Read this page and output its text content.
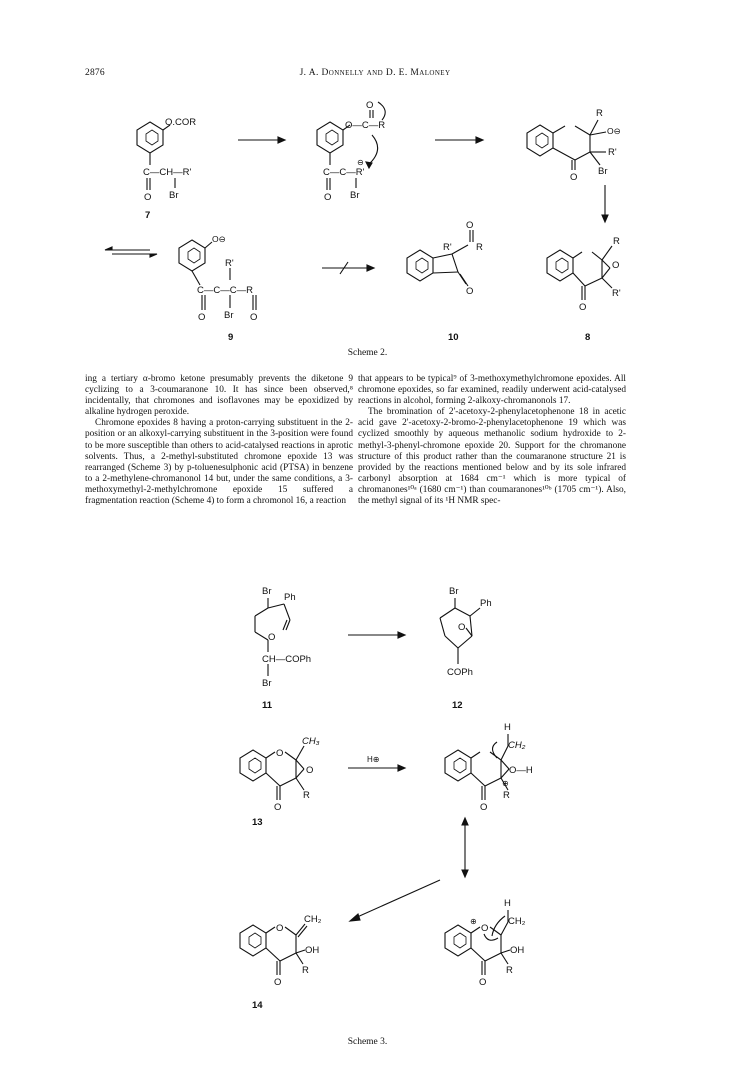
2876	J. A. Donnelly and D. E. Maloney
O.COR
C—CH—R'
O Br
7
O
O—C—R
⊖
C—C—R'
O Br
R
O⊖
R'
Br
O
O⊖
R'
C—C—C—R
O Br O
O
R'	R
O
R
O
R'
O
9	10	8
Scheme 2.

ing a tertiary α-bromo ketone presumably prevents the diketone 9 cyclizing to a 3-coumaranone 10. It has since been observed,⁸ incidentally, that chromones and isoflavones may be epoxidized by alkaline hydrogen peroxide.

Chromone epoxides 8 having a proton-carrying substituent in the 2-position or an alkoxyl-carrying substituent in the 3-position were found to be more susceptible than others to acid-catalysed reactions in aprotic solvents. Thus, a 2-methyl-substituted chromone epoxide 13 was rearranged (Scheme 3) by p-toluenesulphonic acid (PTSA) in benzene to a 2-methylene-chromanonol 14 but, under the same conditions, a 3-methoxymethyl-2-methylchromone epoxide 15 suffered a fragmentation reaction (Scheme 4) to form a chromonol 16, a reaction

that appears to be typical⁹ of 3-methoxymethylchromone epoxides. All chromone epoxides, so far examined, readily underwent acid-catalysed reactions in alcohol, forming 2-alkoxy-chromanonols 17.

The bromination of 2'-acetoxy-2-phenylacetophenone 18 in acetic acid gave 2'-acetoxy-2-bromo-2-phenylacetophenone 19 which was cyclized smoothly by aqueous methanolic sodium hydroxide to 2-methyl-3-phenyl-chromone epoxide 20. Support for the chromanone structure of this product rather than the coumaranone structure 21 is provided by the reactions mentioned below and by its sole infrared carbonyl absorption at 1684 cm⁻¹ which is more typical of chromanones¹⁰ᵃ (1680 cm⁻¹) than coumaranones¹⁰ᵇ (1705 cm⁻¹). Also, the methyl signal of its ¹H NMR spec-

Br
Ph
O
CH—COPh
Br
11
Br
Ph
O
COPh
12
CH₃
O
O
R
O
13
H⊕
H
CH₂
O—H
⊕
R
O
CH₂
O
OH
R
O
14
H
CH₂
⊕
O
OH
R
O
Scheme 3.
